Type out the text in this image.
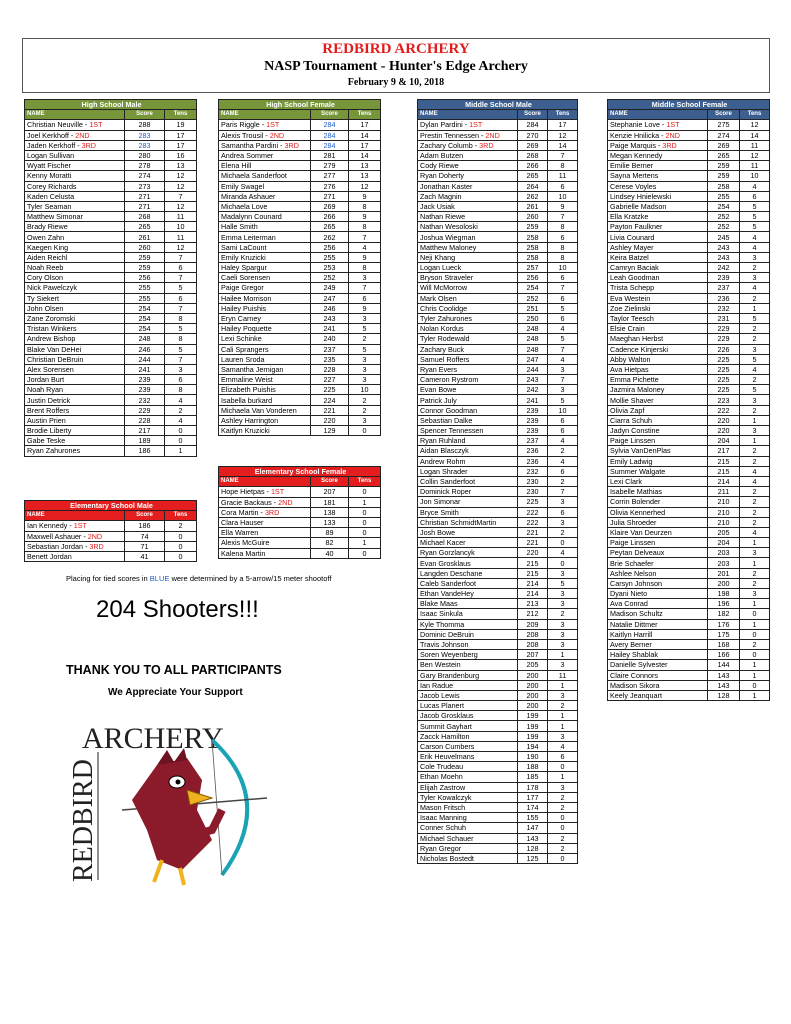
REDBIRD ARCHERY
NASP Tournament - Hunter's Edge Archery
February 9 & 10, 2018
High School Male		
NAME	Score	Tens
Christian Neuville - 1ST	288	19
Joel Kerkhoff - 2ND	283	17
Jaden Kerkhoff - 3RD	283	17
Logan Sullivan	280	16
Wyatt Fischer	278	13
Kenny Moratti	274	12
Corey Richards	273	12
Kaden Celusta	271	7
Tyler Seaman	271	12
Matthew Simonar	268	11
Brady Riewe	265	10
Owen Zahn	261	11
Kaegen King	260	12
Aiden Reichl	259	7
Noah Reeb	259	6
Cory Olson	256	7
Nick Pawelczyk	255	5
Ty Siekert	255	6
John Olsen	254	7
Zane Zoromski	254	8
Tristan Winkers	254	5
Andrew Bishop	248	8
Blake Van DeHei	246	5
Christian DeBruin	244	7
Alex Sorensen	241	3
Jordan Burt	239	6
Noah Ryan	239	8
Justin Detrick	232	4
Brent Roffers	229	2
Austin Prien	228	4
Brodie Liberty	217	0
Gabe Teske	189	0
Ryan Zahurones	186	1
High School Female		
NAME	Score	Tens
Paris Riggle - 1ST	284	17
Alexis Trousil - 2ND	284	14
Samantha Pardini - 3RD	284	17
Andrea Sommer	281	14
Elena Hill	279	13
Michaela Sanderfoot	277	13
Emily Swagel	276	12
Miranda Ashauer	271	9
Michaela Love	269	8
Madalynn Counard	266	9
Halle Smith	265	8
Emma Leiterman	262	7
Sami LaCount	256	4
Emily Kruzicki	255	9
Haley Spargur	253	8
Caeli Sorensen	252	3
Paige Gregor	249	7
Hailee Morrison	247	6
Hailey Puishis	246	9
Eryn Carney	243	3
Hailey Poquette	241	5
Lexi Schinke	240	2
Cali Sprangers	237	5
Lauren Sroda	235	3
Samantha Jernigan	228	3
Emmaline Weist	227	3
Elizabeth Puishis	225	10
Isabella burkard	224	2
Michaela Van Vonderen	221	2
Ashley Harrington	220	3
Kaitlyn Kruzicki	129	0
Elementary School Female		
NAME	Score	Tens
Hope Hietpas - 1ST	207	0
Gracie Backaus - 2ND	181	1
Cora Martin - 3RD	138	0
Clara Hauser	133	0
Ella Warren	89	0
Alexis McGuire	82	1
Kalena Martin	40	0
Elementary School Male		
NAME	Score	Tens
Ian Kennedy - 1ST	186	2
Maxwell Ashauer - 2ND	74	0
Sebastian Jordan - 3RD	71	0
Benett Jordan	41	0
Middle School Male		
NAME	Score	Tens
Dylan Pardini - 1ST	284	17
Prestin Tennessen - 2ND	270	12
Zachary Columb - 3RD	269	14
Adam Butzen	268	7
Cody Riewe	266	8
Ryan Doherty	265	11
Jonathan Kaster	264	6
Zach Magnin	262	10
Jack Usiak	261	9
Nathan Riewe	260	7
Nathan Wesoloski	259	8
Joshua Wiegman	258	6
Matthew Maloney	258	8
Neji Khang	258	8
Logan Lueck	257	10
Bryson Straveler	256	6
Will McMorrow	254	7
Mark Olsen	252	6
Chris Coolidge	251	5
Tyler Zahurones	250	6
Nolan Kordus	248	4
Tyler Rodewald	248	5
Zachary Buck	248	7
Samuel Roffers	247	4
Ryan Evers	244	3
Cameron Rystrom	243	7
Evan Bowe	242	3
Patrick July	241	5
Connor Goodman	239	10
Sebastian Dalke	239	6
Spencer Tennessen	239	6
Ryan Ruhland	237	4
Aidan Blasczyk	236	2
Andrew Rohm	236	4
Logan Shrader	232	6
Collin Sanderfoot	230	2
Dominick Roper	230	7
Jon Simonar	225	3
Bryce Smith	222	6
Christian SchmidtMartin	222	3
Josh Bowe	221	2
Michael Kacer	221	0
Ryan Gorzlancyk	220	4
Evan Grosklaus	215	0
Langden Deschane	215	3
Caleb Sanderfoot	214	5
Ethan VandeHey	214	3
Blake Maas	213	3
Isaac Sinkula	212	2
Kyle Thomma	209	3
Dominic DeBruin	208	3
Travis Johnson	208	3
Soren Weyenberg	207	1
Ben Westein	205	3
Gary Brandenburg	200	11
Ian Radue	200	1
Jacob Lewis	200	3
Lucas Planert	200	2
Jacob Grosklaus	199	1
Summit Gayhart	199	1
Zacck Hamilton	199	3
Carson Cumbers	194	4
Erik Heuvelmans	190	6
Cole Trudeau	188	0
Ethan Moehn	185	1
Elijah Zastrow	178	3
Tyler Kowalczyk	177	2
Mason Fritsch	174	2
Isaac Manning	155	0
Conner Schuh	147	0
Michael Schauer	143	2
Ryan Gregor	128	2
Nicholas Bostedt	125	0
Middle School Female		
NAME	Score	Tens
Stephanie Love - 1ST	275	12
Kenzie Hnilicka - 2ND	274	14
Paige Marquis - 3RD	269	11
Megan Kennedy	265	12
Emilie Berner	259	11
Sayna Mertens	259	10
Cerese Voyles	258	4
Lindsey Hnielewski	255	6
Gabrielle Madson	254	5
Ella Kratzke	252	5
Payton Faulkner	252	5
Livia Counard	245	4
Ashley Mayer	243	4
Keira Batzel	243	3
Camryn Baciak	242	2
Leah Goodman	239	3
Trista Schepp	237	4
Eva Westein	236	2
Zoe Zielinski	232	1
Taylor Teesch	231	5
Elsie Crain	229	2
Maeghan Herbst	229	2
Cadence Kinjerski	226	3
Abby Walton	225	5
Ava Hietpas	225	4
Emma Pichette	225	2
Jazmira Maloney	225	5
Mollie Shaver	223	3
Olivia Zapf	222	2
Ciarra Schuh	220	1
Jadyn Constine	220	3
Paige Linssen	204	1
Sylvia VanDenPlas	217	2
Emily Ladwig	215	2
Summer Walgate	215	4
Lexi Clark	214	4
Isabelle Mathias	211	2
Corrin Bolender	210	2
Olivia Kennerhed	210	2
Julia Shroeder	210	2
Klaire Van Deurzen	205	4
Paige Linssen	204	1
Peytan Delveaux	203	3
Brie Schaefer	203	1
Ashlee Nelson	201	2
Carsyn Johnson	200	2
Dyani Nieto	198	3
Ava Conrad	196	1
Madison Schultz	182	0
Natalie Dittmer	176	1
Kaitlyn Harrill	175	0
Avery Berner	168	2
Hailey Shablak	166	0
Danielle Sylvester	144	1
Claire Connors	143	1
Madison Sikora	143	0
Keely Jeanquart	128	1
Placing for tied scores in BLUE were determined by a 5-arrow/15 meter shootoff
204 Shooters!!!
THANK YOU TO ALL PARTICIPANTS
We Appreciate Your Support
ARCHERY
REDBIRD
